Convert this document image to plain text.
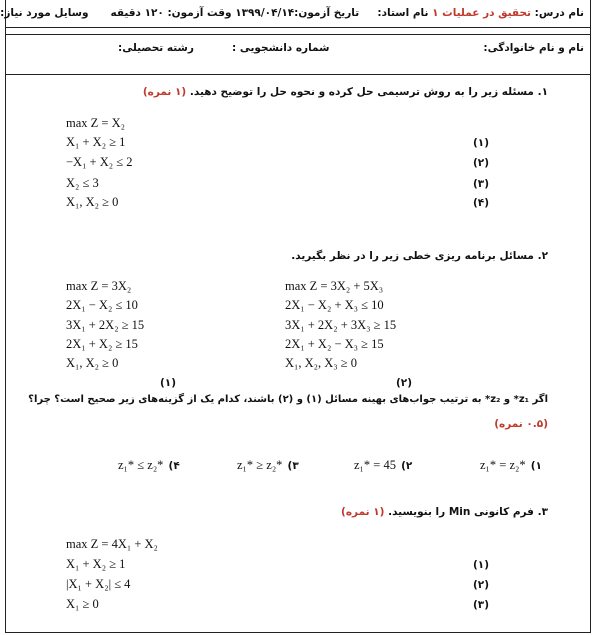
نام درس: تحقیق در عملیات ۱ نام استاد:     تاریخ آزمون:۱۳۹۹/۰۴/۱۴ وقت آزمون: ۱۲۰ دقیقه      وسایل مورد نیاز:
نام و نام خانوادگی:
شماره دانشجویی :
رشته تحصیلی:
۱. مسئله زیر را به روش ترسیمی حل کرده و نحوه حل را توضیح دهید. (۱ نمره)
max Z = X₂
X₁ + X₂ ≥ 1	(۱)
−X₁ + X₂ ≤ 2	(۲)
X₂ ≤ 3	(۳)
X₁, X₂ ≥ 0	(۴)
۲. مسائل برنامه ریزی خطی زیر را در نظر بگیرید.
max Z = 3X₂
2X₁ − X₂ ≤ 10
3X₁ + 2X₂ ≥ 15
2X₁ + X₂ ≥ 15
X₁, X₂ ≥ 0
max Z = 3X₂ + 5X₃
2X₁ − X₂ + X₃ ≤ 10
3X₁ + 2X₂ + 3X₃ ≥ 15
2X₁ + X₂ − X₃ ≥ 15
X₁, X₂, X₃ ≥ 0
(۱)	(۲)
اگر z₁* و z₂* به ترتیب جواب‌های بهینه مسائل (۱) و (۲) باشند، کدام یک از گزینه‌های زیر صحیح است؟ چرا؟
(۰.۵ نمره)
z₁* = z₂* (۱
z₁* = 45 (۲
z₁* ≥ z₂* (۳
z₁* ≤ z₂* (۴
۳. فرم کانونی Min را بنویسید. (۱ نمره)
max Z = 4X₁ + X₂
X₁ + X₂ ≥ 1	(۱)
|X₁ + X₂| ≤ 4	(۲)
X₁ ≥ 0	(۳)
